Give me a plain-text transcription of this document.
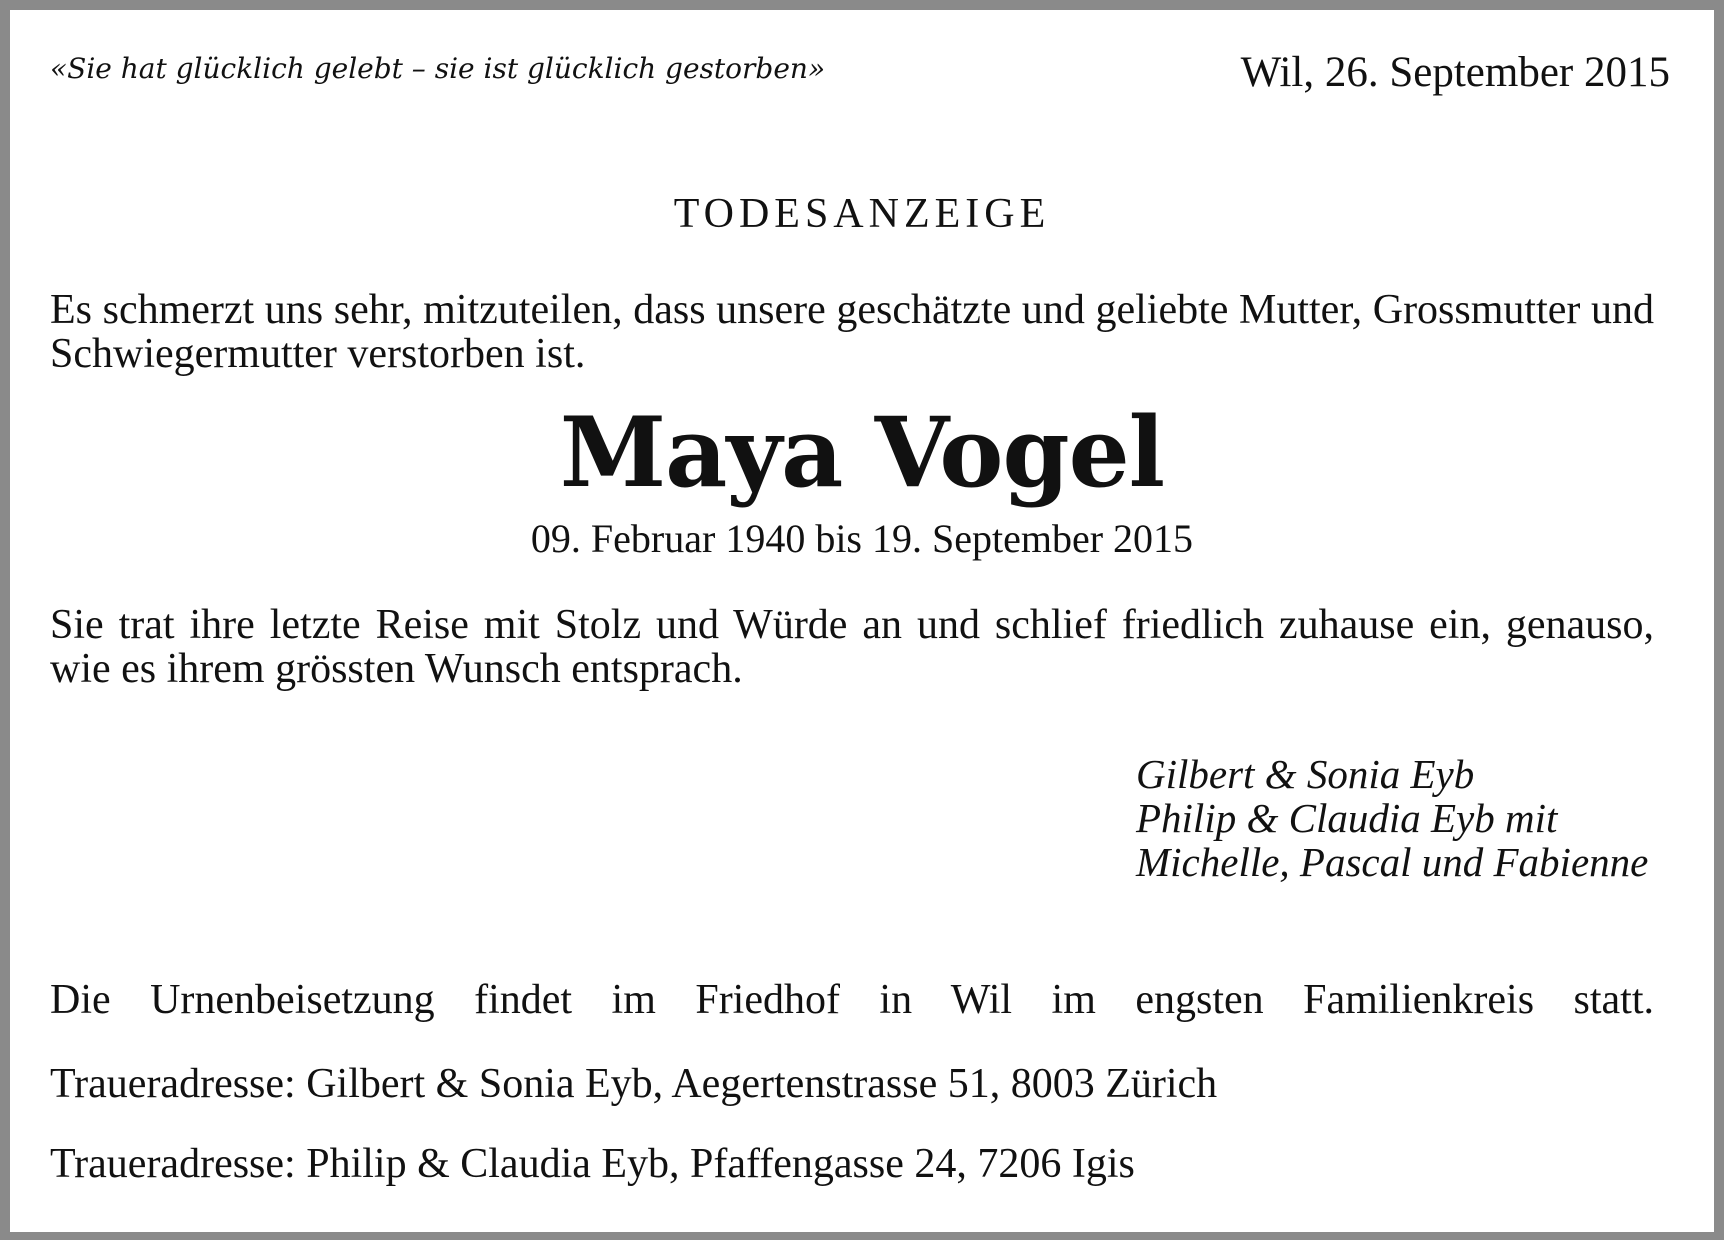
«Sie hat glücklich gelebt – sie ist glücklich gestorben»	Wil, 26. September 2015
TODESANZEIGE
Es schmerzt uns sehr, mitzuteilen, dass unsere geschätzte und geliebte Mutter, Grossmutter und Schwiegermutter verstorben ist.
Maya Vogel
09. Februar 1940 bis 19. September 2015
Sie trat ihre letzte Reise mit Stolz und Würde an und schlief friedlich zuhause ein, genauso, wie es ihrem grössten Wunsch entsprach.
Gilbert & Sonia Eyb
Philip & Claudia Eyb mit
Michelle, Pascal und Fabienne
Die Urnenbeisetzung findet im Friedhof in Wil im engsten Familienkreis statt.
Traueradresse: Gilbert & Sonia Eyb, Aegertenstrasse 51, 8003 Zürich
Traueradresse: Philip & Claudia Eyb, Pfaffengasse 24, 7206 Igis
